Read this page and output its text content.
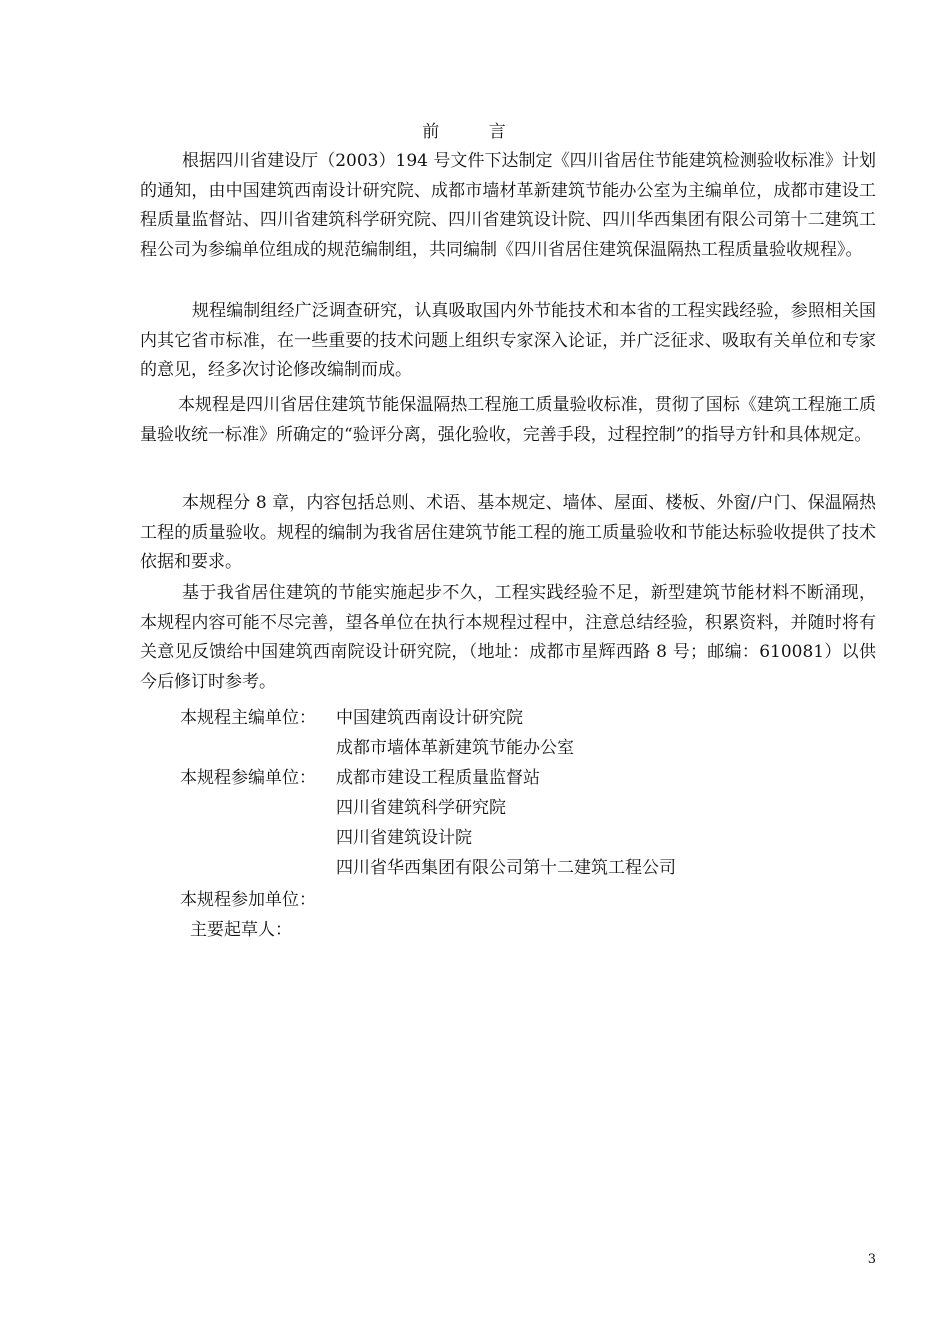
前 言

根据四川省建设厅（2003）194 号文件下达制定《四川省居住节能建筑检测验收标准》计划的通知，由中国建筑西南设计研究院、成都市墙材革新建筑节能办公室为主编单位，成都市建设工程质量监督站、四川省建筑科学研究院、四川省建筑设计院、四川华西集团有限公司第十二建筑工程公司为参编单位组成的规范编制组，共同编制《四川省居住建筑保温隔热工程质量验收规程》。

规程编制组经广泛调查研究，认真吸取国内外节能技术和本省的工程实践经验，参照相关国内其它省市标准，在一些重要的技术问题上组织专家深入论证，并广泛征求、吸取有关单位和专家的意见，经多次讨论修改编制而成。

本规程是四川省居住建筑节能保温隔热工程施工质量验收标准，贯彻了国标《建筑工程施工质量验收统一标准》所确定的“验评分离，强化验收，完善手段，过程控制”的指导方针和具体规定。

本规程分 8 章，内容包括总则、术语、基本规定、墙体、屋面、楼板、外窗/户门、保温隔热工程的质量验收。规程的编制为我省居住建筑节能工程的施工质量验收和节能达标验收提供了技术依据和要求。

基于我省居住建筑的节能实施起步不久，工程实践经验不足，新型建筑节能材料不断涌现，本规程内容可能不尽完善，望各单位在执行本规程过程中，注意总结经验，积累资料，并随时将有关意见反馈给中国建筑西南院设计研究院，（地址：成都市星辉西路 8 号；邮编：610081）以供今后修订时参考。

本规程主编单位： 中国建筑西南设计研究院
成都市墙体革新建筑节能办公室
本规程参编单位： 成都市建设工程质量监督站
四川省建筑科学研究院
四川省建筑设计院
四川省华西集团有限公司第十二建筑工程公司
本规程参加单位：
主要起草人：
3
